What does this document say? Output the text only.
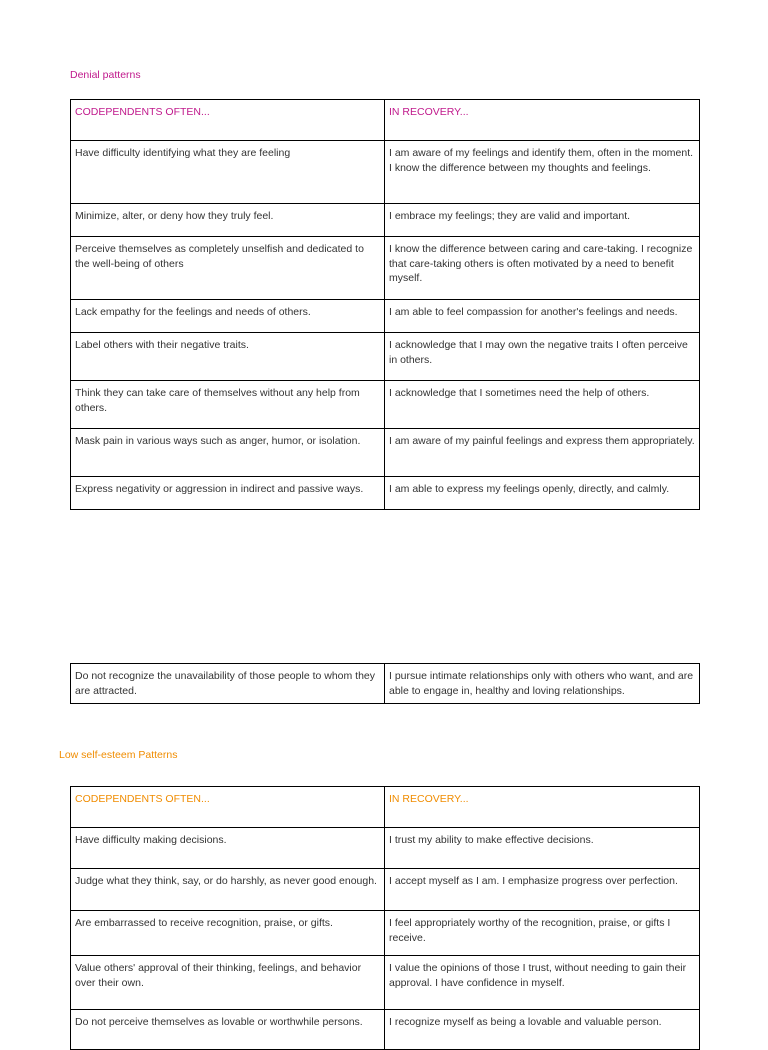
Denial patterns
CODEPENDENTS OFTEN...	IN RECOVERY...
Have difficulty identifying what they are feeling	I am aware of my feelings and identify them, often in the moment. I know the difference between my thoughts and feelings.
Minimize, alter, or deny how they truly feel.	I embrace my feelings; they are valid and important.
Perceive themselves as completely unselfish and dedicated to the well-being of others	I know the difference between caring and care-taking. I recognize that care-taking others is often motivated by a need to benefit myself.
Lack empathy for the feelings and needs of others.	I am able to feel compassion for another's feelings and needs.
Label others with their negative traits.	I acknowledge that I may own the negative traits I often perceive in others.
Think they can take care of themselves without any help from others.	I acknowledge that I sometimes need the help of others.
Mask pain in various ways such as anger, humor, or isolation.	I am aware of my painful feelings and express them appropriately.
Express negativity or aggression in indirect and passive ways.	I am able to express my feelings openly, directly, and calmly.
Do not recognize the unavailability of those people to whom they are attracted.	I pursue intimate relationships only with others who want, and are able to engage in, healthy and loving relationships.
Low self-esteem Patterns
CODEPENDENTS OFTEN...	IN RECOVERY...
Have difficulty making decisions.	I trust my ability to make effective decisions.
Judge what they think, say, or do harshly, as never good enough.	I accept myself as I am. I emphasize progress over perfection.
Are embarrassed to receive recognition, praise, or gifts.	I feel appropriately worthy of the recognition, praise, or gifts I receive.
Value others' approval of their thinking, feelings, and behavior over their own.	I value the opinions of those I trust, without needing to gain their approval. I have confidence in myself.
Do not perceive themselves as lovable or worthwhile persons.	I recognize myself as being a lovable and valuable person.
